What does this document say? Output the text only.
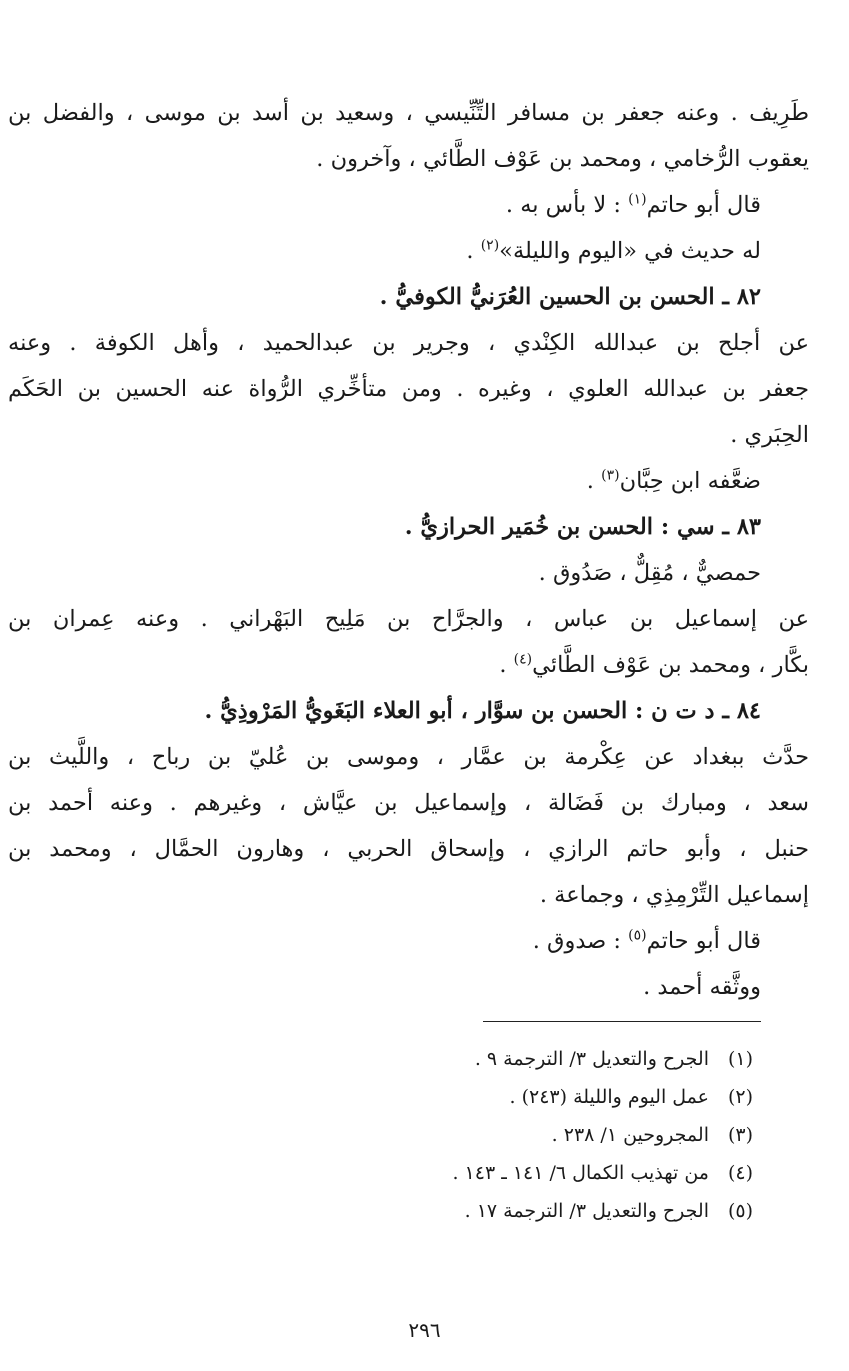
طَرِيف . وعنه جعفر بن مسافر التِّنِّيسي ، وسعيد بن أسد بن موسى ، والفضل بن
يعقوب الرُّخامي ، ومحمد بن عَوْف الطَّائي ، وآخرون .
قال أبو حاتم$^{(١)}$ : لا بأس به .
له حديث في «اليوم والليلة»$^{(٢)}$ .
٨٢ ـ الحسن بن الحسين العُرَنيُّ الكوفيُّ .
عن أجلح بن عبدالله الكِنْدي ، وجرير بن عبدالحميد ، وأهل الكوفة . وعنه
جعفر بن عبدالله العلوي ، وغيره . ومن متأخِّري الرُّواة عنه الحسين بن الحَكَم
الحِبَري .
ضعَّفه ابن حِبَّان$^{(٣)}$ .
٨٣ ـ سي : الحسن بن خُمَير الحرازيُّ .
حمصيٌّ ، مُقِلٌّ ، صَدُوق .
عن إسماعيل بن عباس ، والجرَّاح بن مَلِيح البَهْراني . وعنه عِمران بن
بكَّار ، ومحمد بن عَوْف الطَّائي$^{(٤)}$ .
٨٤ ـ د ت ن : الحسن بن سوَّار ، أبو العلاء البَغَويُّ المَرْوذِيُّ .
حدَّث ببغداد عن عِكْرمة بن عمَّار ، وموسى بن عُليّ بن رباح ، واللَّيث بن
سعد ، ومبارك بن فَضَالة ، وإسماعيل بن عيَّاش ، وغيرهم . وعنه أحمد بن
حنبل ، وأبو حاتم الرازي ، وإسحاق الحربي ، وهارون الحمَّال ، ومحمد بن
إسماعيل التِّرْمِذِي ، وجماعة .
قال أبو حاتم$^{(٥)}$ : صدوق .
ووثَّقه أحمد .
(١)الجرح والتعديل ٣/ الترجمة ٩ .
(٢)عمل اليوم والليلة (٢٤٣) .
(٣)المجروحين ١/ ٢٣٨ .
(٤)من تهذيب الكمال ٦/ ١٤١ ـ ١٤٣ .
(٥)الجرح والتعديل ٣/ الترجمة ١٧ .
٢٩٦
